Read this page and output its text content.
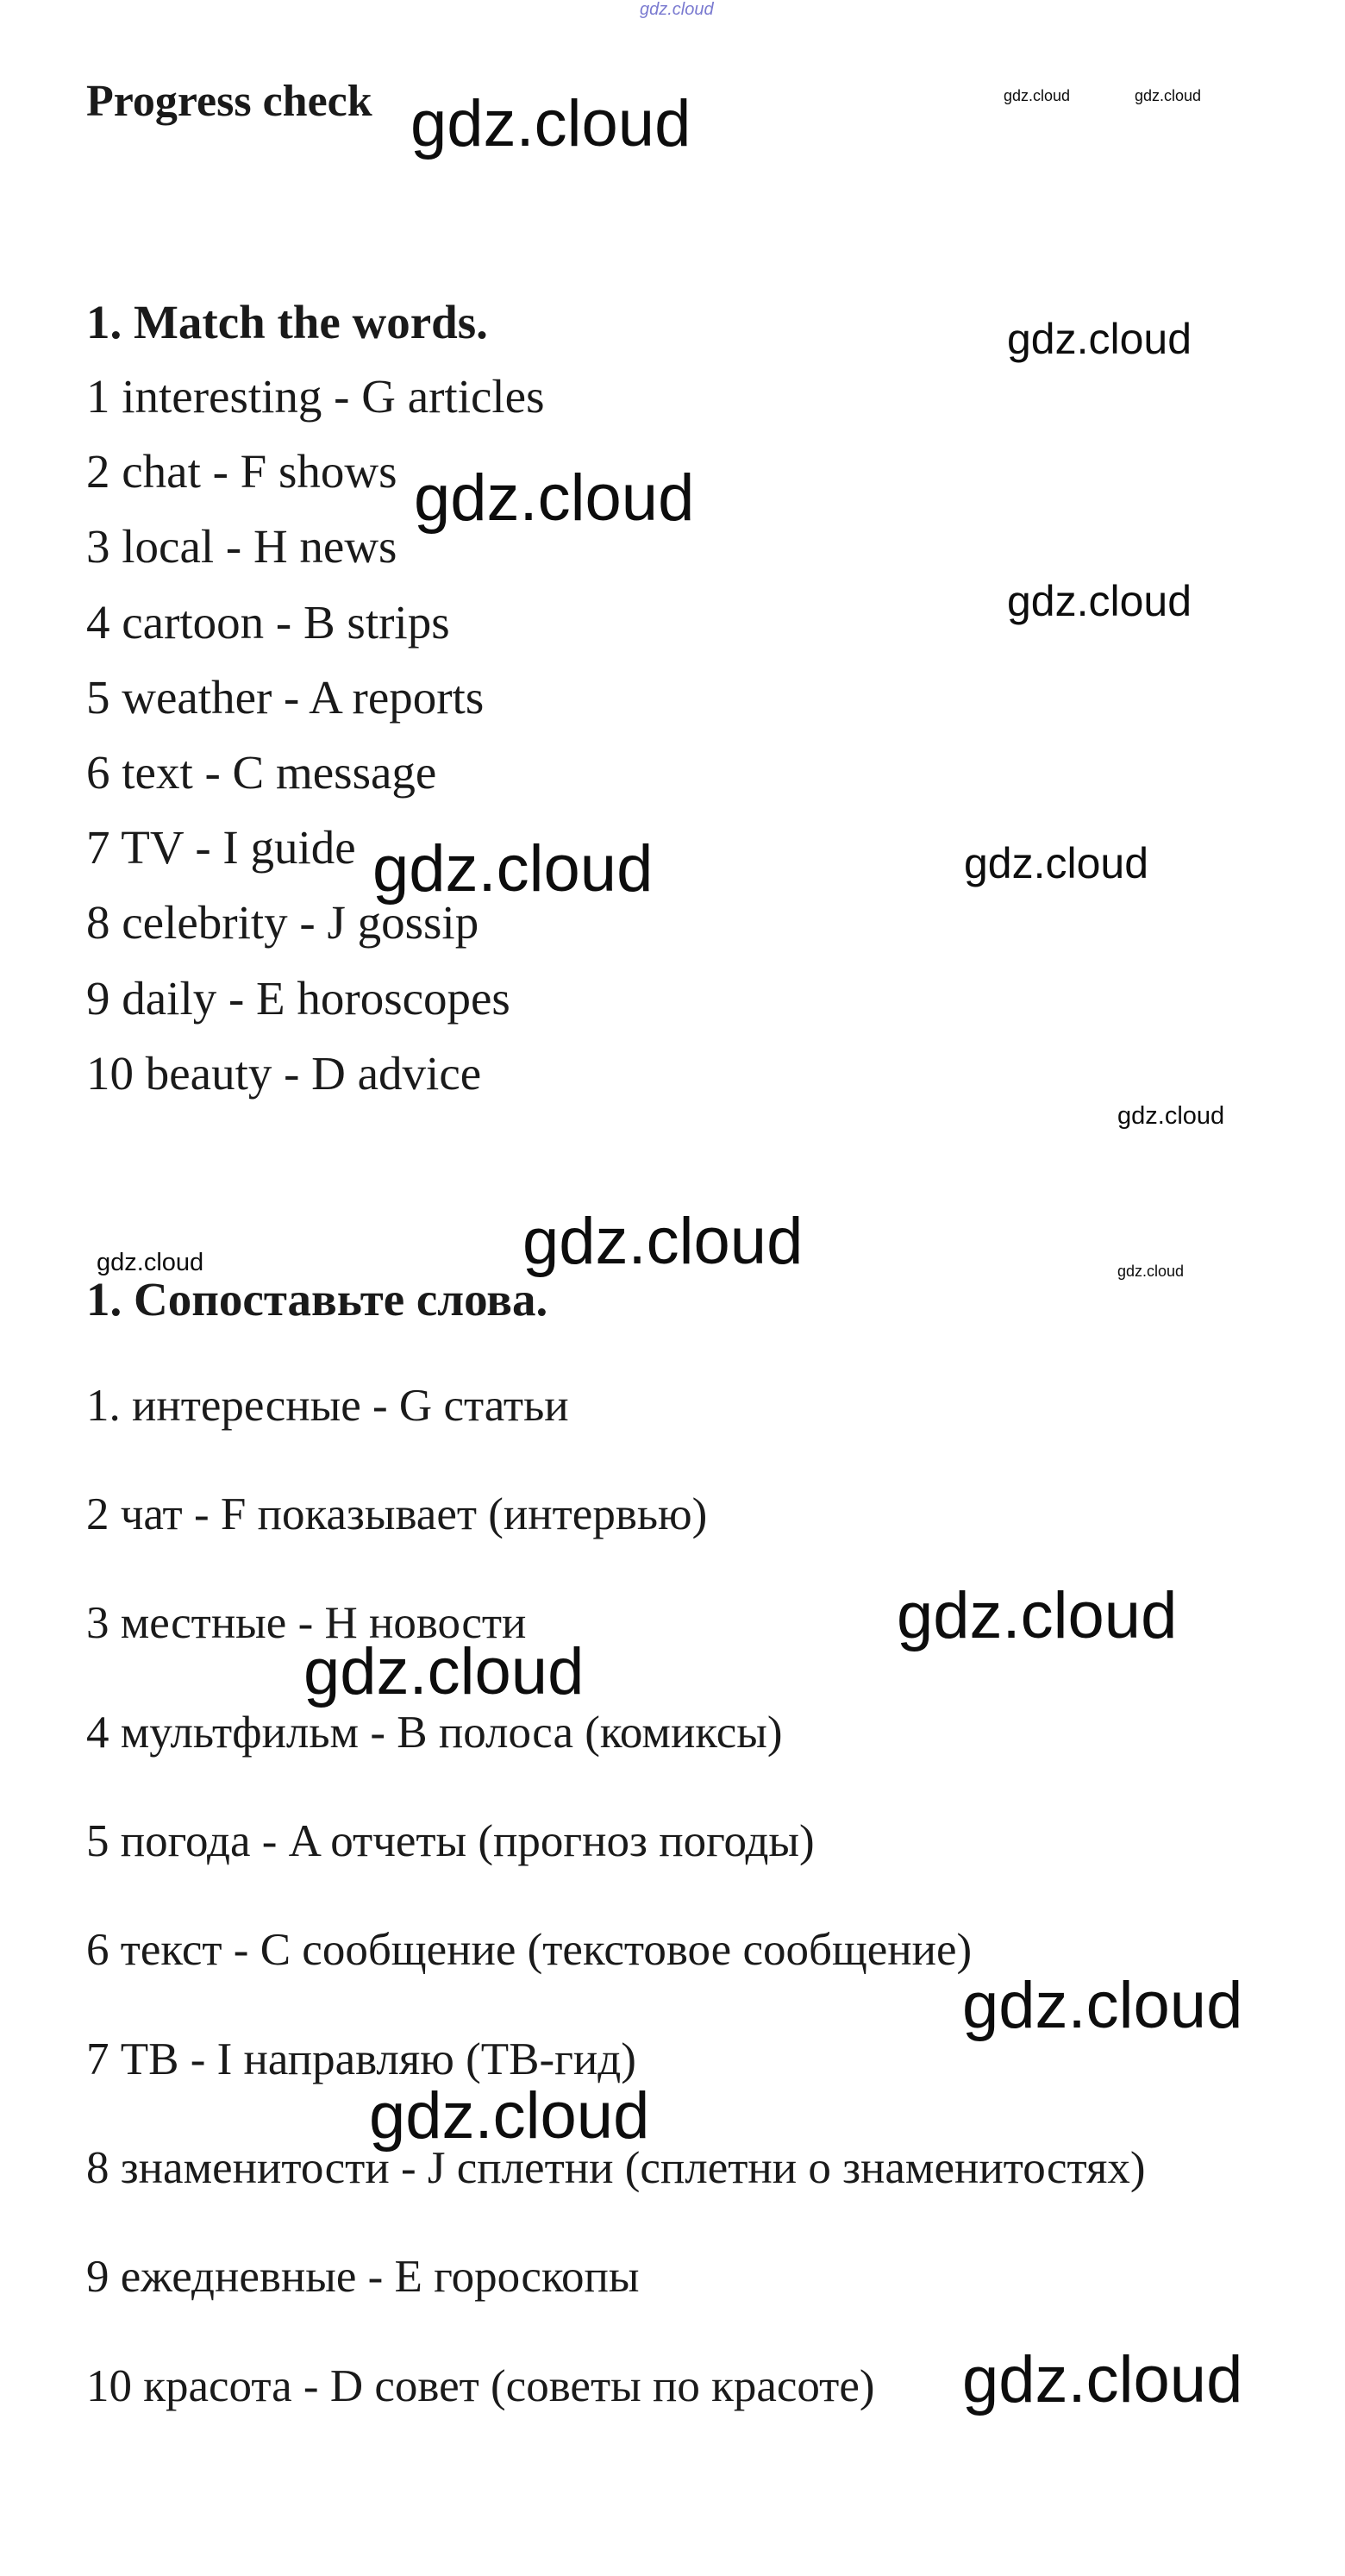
gdz.cloud
Progress check
1. Match the words.
1 interesting - G articles
2 chat - F shows
3 local - H news
4 cartoon - B strips
5 weather - A reports
6 text - C message
7 TV - I guide
8 celebrity - J gossip
9 daily - E horoscopes
10 beauty - D advice
1. Сопоставьте слова.
1. интересные - G статьи
2 чат - F показывает (интервью)
3 местные - H новости
4 мультфильм - B полоса (комиксы)
5 погода - A отчеты (прогноз погоды)
6 текст - C сообщение (текстовое сообщение)
7 ТВ - I направляю (ТВ-гид)
8 знаменитости - J сплетни (сплетни о знаменитостях)
9 ежедневные - E гороскопы
10 красота - D совет (советы по красоте)
gdz.cloud	gdz.cloud	gdz.cloud
gdz.cloud
gdz.cloud
gdz.cloud
gdz.cloud	gdz.cloud
gdz.cloud
gdz.cloud
gdz.cloud	gdz.cloud
gdz.cloud
gdz.cloud
gdz.cloud
gdz.cloud
gdz.cloud
